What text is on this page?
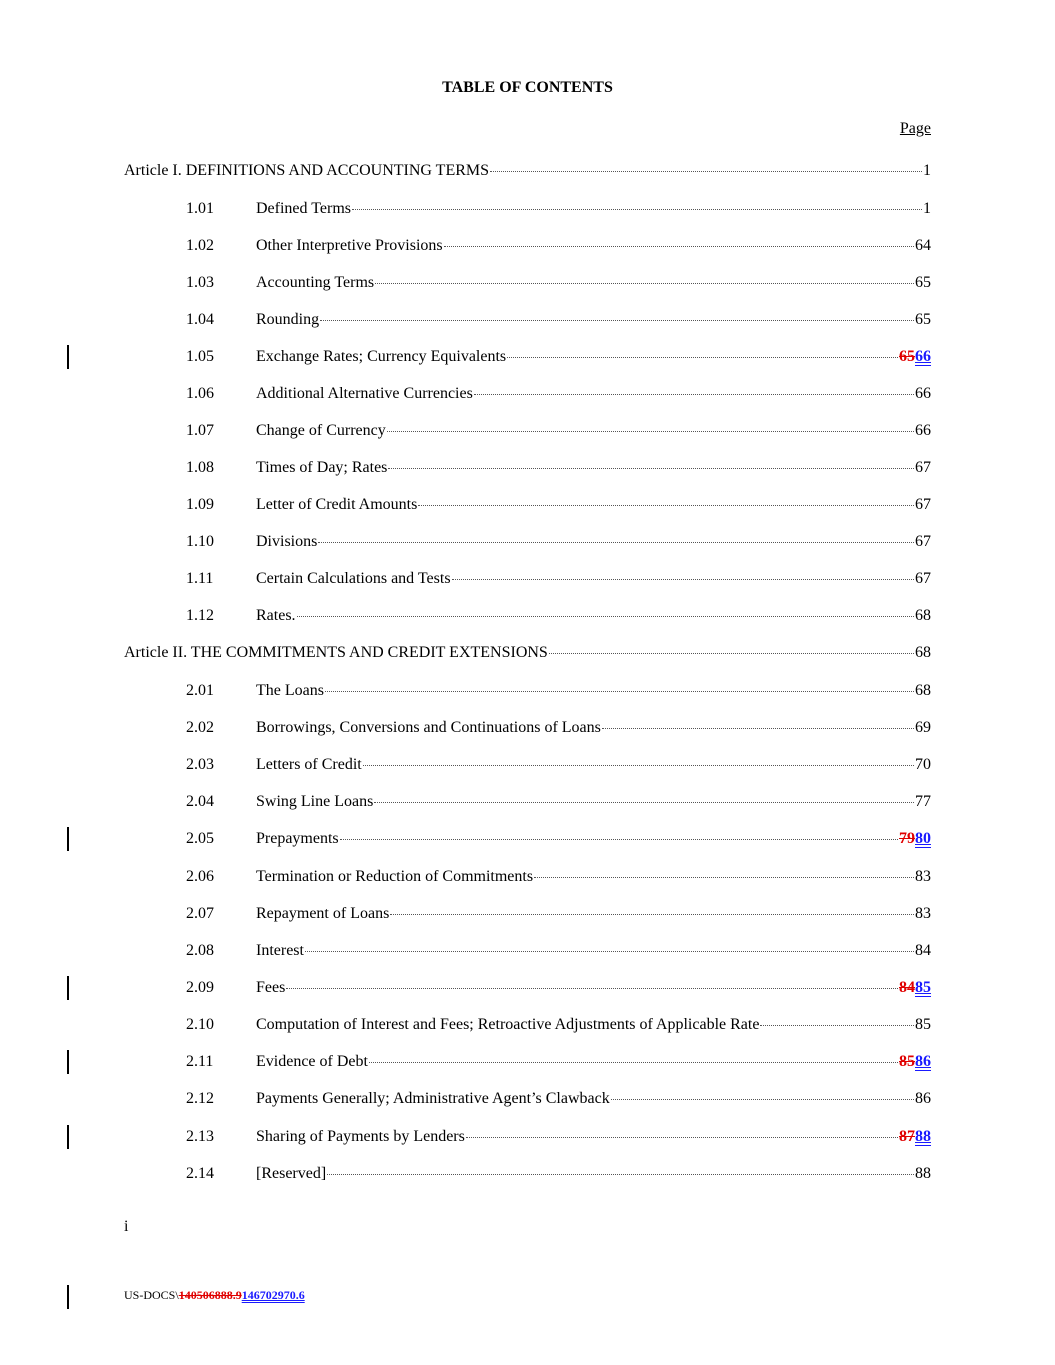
TABLE OF CONTENTS
Page
Article I. DEFINITIONS AND ACCOUNTING TERMS	1
1.01	Defined Terms	1
1.02	Other Interpretive Provisions	64
1.03	Accounting Terms	65
1.04	Rounding	65
1.05	Exchange Rates; Currency Equivalents	6566
1.06	Additional Alternative Currencies	66
1.07	Change of Currency	66
1.08	Times of Day; Rates	67
1.09	Letter of Credit Amounts	67
1.10	Divisions	67
1.11	Certain Calculations and Tests	67
1.12	Rates.	68
Article II. THE COMMITMENTS AND CREDIT EXTENSIONS	68
2.01	The Loans	68
2.02	Borrowings, Conversions and Continuations of Loans	69
2.03	Letters of Credit	70
2.04	Swing Line Loans	77
2.05	Prepayments	7980
2.06	Termination or Reduction of Commitments	83
2.07	Repayment of Loans	83
2.08	Interest	84
2.09	Fees	8485
2.10	Computation of Interest and Fees; Retroactive Adjustments of Applicable Rate	85
2.11	Evidence of Debt	8586
2.12	Payments Generally; Administrative Agent’s Clawback	86
2.13	Sharing of Payments by Lenders	8788
2.14	[Reserved]	88
i
US-DOCS\140506888.9146702970.6
